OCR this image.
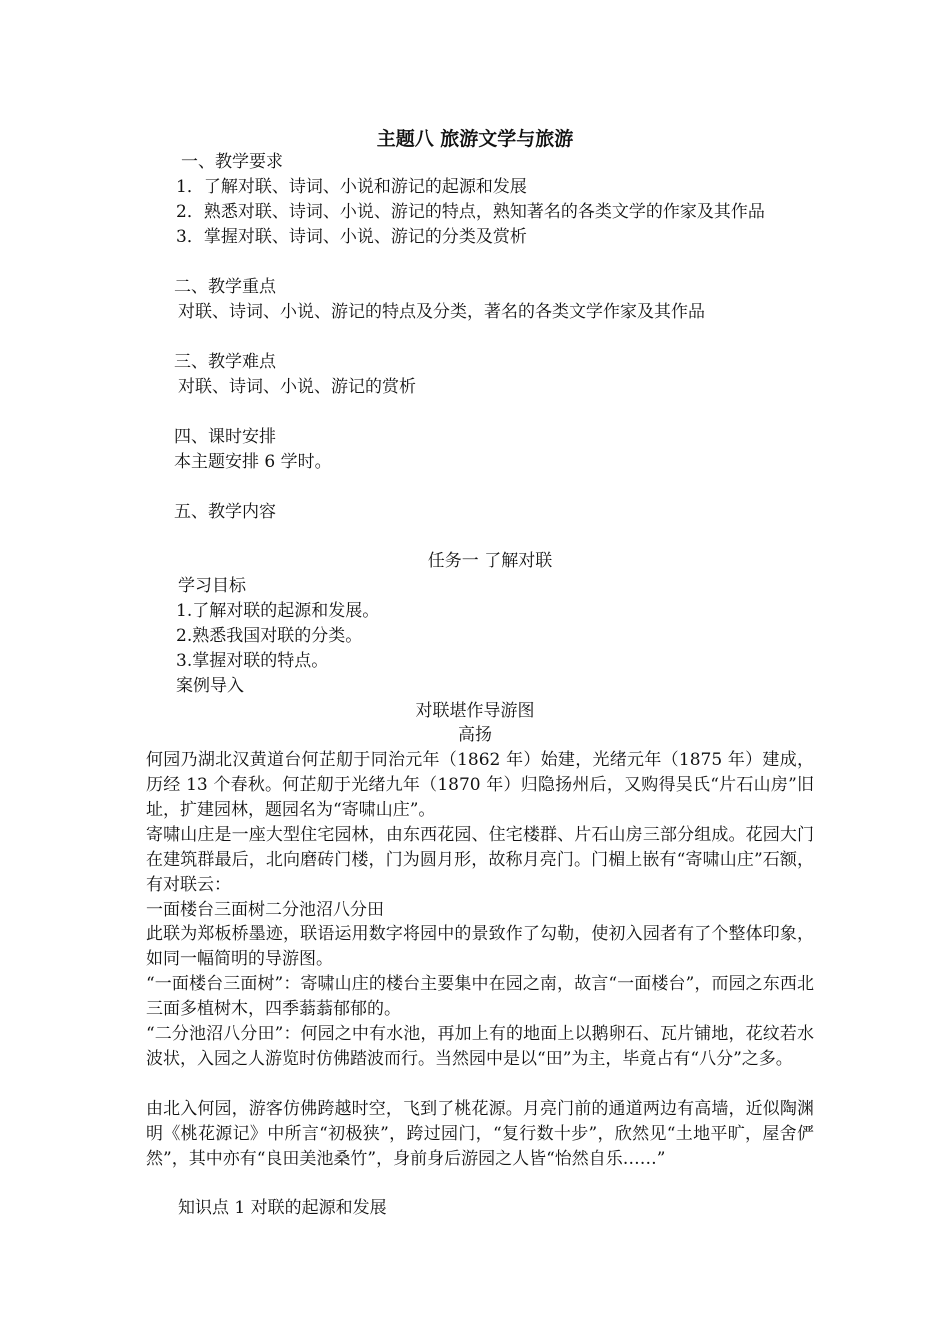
主题八 旅游文学与旅游
一、教学要求
1．了解对联、诗词、小说和游记的起源和发展
2．熟悉对联、诗词、小说、游记的特点，熟知著名的各类文学的作家及其作品
3．掌握对联、诗词、小说、游记的分类及赏析
二、教学重点
对联、诗词、小说、游记的特点及分类，著名的各类文学作家及其作品
三、教学难点
对联、诗词、小说、游记的赏析
四、课时安排
本主题安排 6 学时。
五、教学内容
任务一 了解对联
学习目标
1.了解对联的起源和发展。
2.熟悉我国对联的分类。
3.掌握对联的特点。
案例导入
对联堪作导游图
高扬
何园乃湖北汉黄道台何芷舠于同治元年（1862 年）始建，光绪元年（1875 年）建成，历经 13 个春秋。何芷舠于光绪九年（1870 年）归隐扬州后，又购得吴氏“片石山房”旧址，扩建园林，题园名为“寄啸山庄”。
寄啸山庄是一座大型住宅园林，由东西花园、住宅楼群、片石山房三部分组成。花园大门在建筑群最后，北向磨砖门楼，门为圆月形，故称月亮门。门楣上嵌有“寄啸山庄”石额，有对联云：
一面楼台三面树二分池沼八分田
此联为郑板桥墨迹，联语运用数字将园中的景致作了勾勒，使初入园者有了个整体印象，如同一幅简明的导游图。
“一面楼台三面树”：寄啸山庄的楼台主要集中在园之南，故言“一面楼台”，而园之东西北三面多植树木，四季蓊蓊郁郁的。
“二分池沼八分田”：何园之中有水池，再加上有的地面上以鹅卵石、瓦片铺地，花纹若水波状，入园之人游览时仿佛踏波而行。当然园中是以“田”为主，毕竟占有“八分”之多。
由北入何园，游客仿佛跨越时空，飞到了桃花源。月亮门前的通道两边有高墙，近似陶渊明《桃花源记》中所言“初极狭”，跨过园门，“复行数十步”，欣然见“土地平旷，屋舍俨然”，其中亦有“良田美池桑竹”，身前身后游园之人皆“怡然自乐……”
知识点 1 对联的起源和发展
